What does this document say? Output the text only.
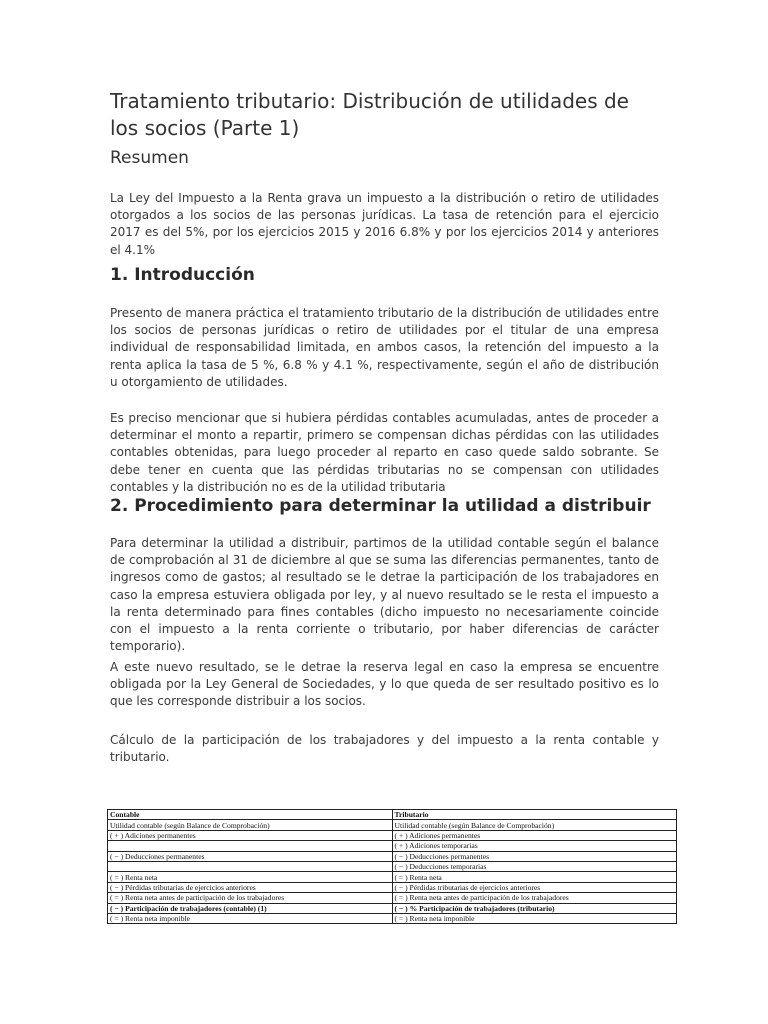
Tratamiento tributario: Distribución de utilidades de los socios (Parte 1)
Resumen

La Ley del Impuesto a la Renta grava un impuesto a la distribución o retiro de utilidades otorgados a los socios de las personas jurídicas. La tasa de retención para el ejercicio 2017 es del 5%, por los ejercicios 2015 y 2016 6.8% y por los ejercicios 2014 y anteriores el 4.1%

1. Introducción

Presento de manera práctica el tratamiento tributario de la distribución de utilidades entre los socios de personas jurídicas o retiro de utilidades por el titular de una empresa individual de responsabilidad limitada, en ambos casos, la retención del impuesto a la renta aplica la tasa de 5 %, 6.8 % y 4.1 %, respectivamente, según el año de distribución u otorgamiento de utilidades.

Es preciso mencionar que si hubiera pérdidas contables acumuladas, antes de proceder a determinar el monto a repartir, primero se compensan dichas pérdidas con las utilidades contables obtenidas, para luego proceder al reparto en caso quede saldo sobrante. Se debe tener en cuenta que las pérdidas tributarias no se compensan con utilidades contables y la distribución no es de la utilidad tributaria

2. Procedimiento para determinar la utilidad a distribuir

Para determinar la utilidad a distribuir, partimos de la utilidad contable según el balance de comprobación al 31 de diciembre al que se suma las diferencias permanentes, tanto de ingresos como de gastos; al resultado se le detrae la participación de los trabajadores en caso la empresa estuviera obligada por ley, y al nuevo resultado se le resta el impuesto a la renta determinado para fines contables (dicho impuesto no necesariamente coincide con el impuesto a la renta corriente o tributario, por haber diferencias de carácter temporario).

A este nuevo resultado, se le detrae la reserva legal en caso la empresa se encuentre obligada por la Ley General de Sociedades, y lo que queda de ser resultado positivo es lo que les corresponde distribuir a los socios.

Cálculo de la participación de los trabajadores y del impuesto a la renta contable y tributario.

Contable	Tributario
Utilidad contable (según Balance de Comprobación)	Utilidad contable (según Balance de Comprobación)
( + ) Adiciones permanentes	( + ) Adiciones permanentes
	( + ) Adiciones temporarias
( − ) Deducciones permanentes	( − ) Deducciones permanentes
	( − ) Deducciones temporarias
( = ) Renta neta	( = ) Renta neta
( − ) Pérdidas tributarias de ejercicios anteriores	( − ) Pérdidas tributarias de ejercicios anteriores
( = ) Renta neta antes de participación de los trabajadores	( = ) Renta neta antes de participación de los trabajadores
( − ) Participación de trabajadores (contable) (1)	( − ) % Participación de trabajadores (tributario)
( = ) Renta neta imponible	( = ) Renta neta imponible
